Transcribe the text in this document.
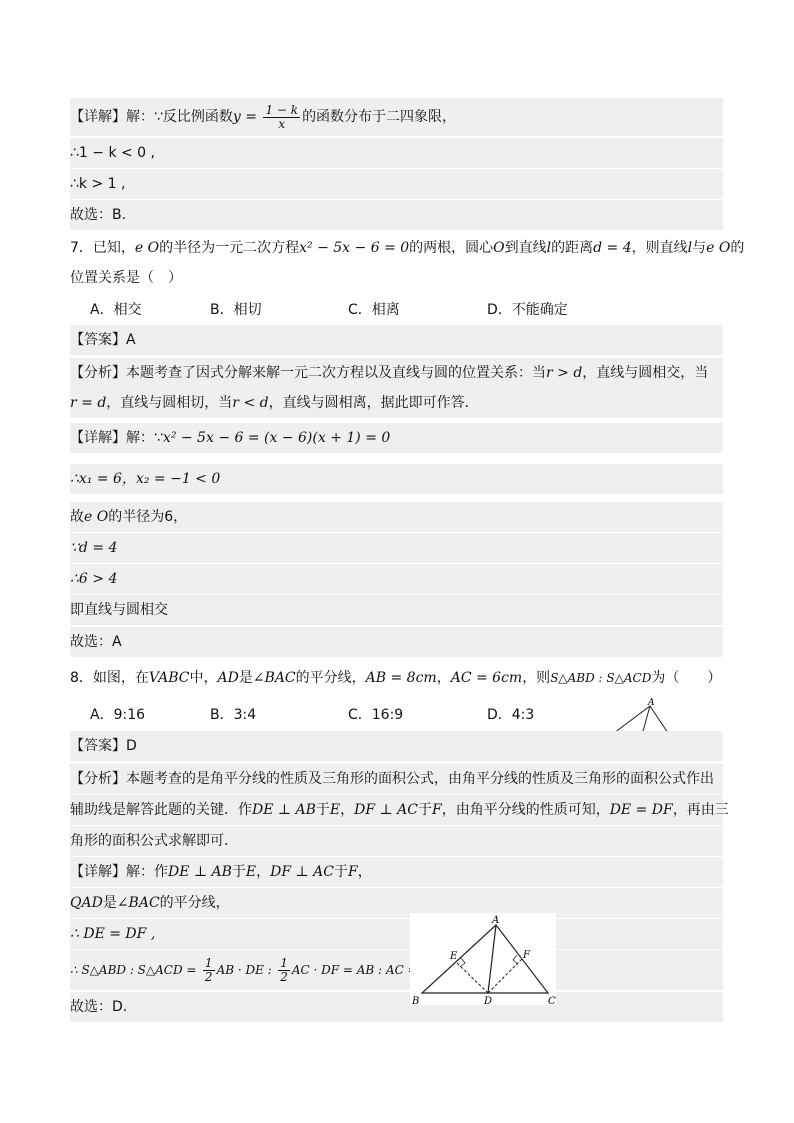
【详解】解：∵反比例函数$y = \frac{1 - k}{x}$ 的函数分布于二四象限，
∴1 − k < 0 ,
∴k > 1 ,
故选：B.
7．已知，e O的半径为一元二次方程x² − 5x − 6 = 0的两根，圆心O到直线l的距离d = 4，则直线l与e O的
位置关系是（　）
A．相交	B．相切	C．相离	D．不能确定
【答案】A
【分析】本题考查了因式分解来解一元二次方程以及直线与圆的位置关系：当r > d，直线与圆相交，当
r = d，直线与圆相切，当r < d，直线与圆相离，据此即可作答．
【详解】解：∵x² − 5x − 6 = (x − 6)(x + 1) = 0
∴x₁ = 6，x₂ = −1 < 0
故e O的半径为6，
∵d = 4
∴6 > 4
即直线与圆相交
故选：A
8．如图，在VABC中，AD是∠BAC的平分线，AB = 8cm，AC = 6cm，则S△ABD : S△ACD为（　　）
A．9:16	B．3:4	C．16:9	D．4:3
A
【答案】D
【分析】本题考查的是角平分线的性质及三角形的面积公式，由角平分线的性质及三角形的面积公式作出
辅助线是解答此题的关键．作DE ⊥ AB于E，DF ⊥ AC于F，由角平分线的性质可知，DE = DF，再由三
角形的面积公式求解即可．
【详解】解：作DE ⊥ AB于E，DF ⊥ AC于F，
QAD是∠BAC的平分线，
∴ DE = DF ,
∴ S△ABD : S△ACD = $\frac{1}{2}$ AB · DE : $\frac{1}{2}$ AC · DF = AB : AC = 8 : 6 = 4 : 3 .
故选：D.
A
B	C
D
E	F
